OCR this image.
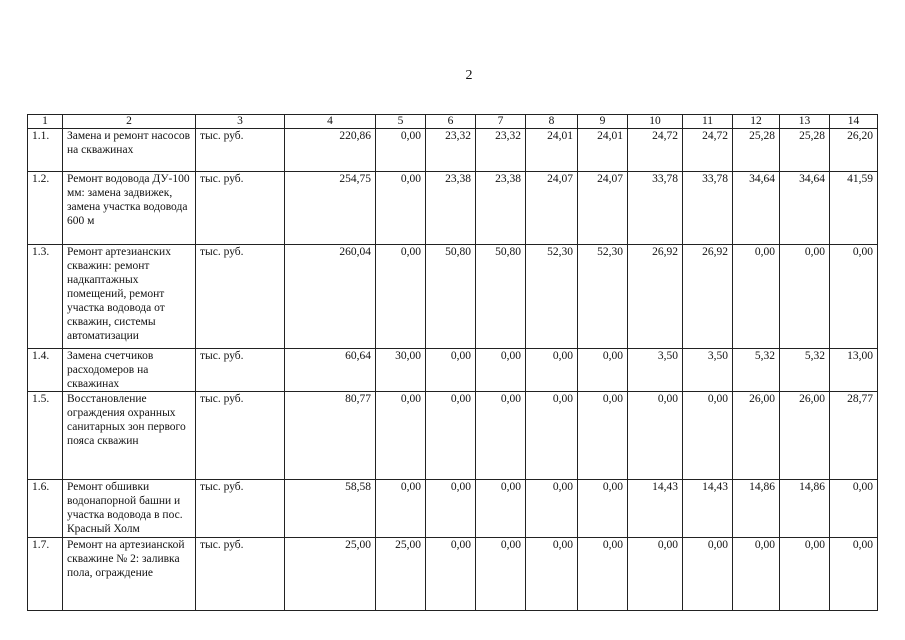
2
1	2	3	4	5	6	7	8	9	10	11	12	13	14
1.1.	Замена и ремонт насосов на скважинах	тыс. руб.	220,86	0,00	23,32	23,32	24,01	24,01	24,72	24,72	25,28	25,28	26,20
1.2.	Ремонт водовода ДУ-100 мм: замена задвижек, замена участка водовода 600 м	тыс. руб.	254,75	0,00	23,38	23,38	24,07	24,07	33,78	33,78	34,64	34,64	41,59
1.3.	Ремонт артезианских скважин: ремонт надкаптажных помещений, ремонт участка водовода от скважин, системы автоматизации	тыс. руб.	260,04	0,00	50,80	50,80	52,30	52,30	26,92	26,92	0,00	0,00	0,00
1.4.	Замена счетчиков расходомеров на скважинах	тыс. руб.	60,64	30,00	0,00	0,00	0,00	0,00	3,50	3,50	5,32	5,32	13,00
1.5.	Восстановление ограждения охранных санитарных зон первого пояса скважин	тыс. руб.	80,77	0,00	0,00	0,00	0,00	0,00	0,00	0,00	26,00	26,00	28,77
1.6.	Ремонт обшивки водонапорной башни и участка водовода в пос. Красный Холм	тыс. руб.	58,58	0,00	0,00	0,00	0,00	0,00	14,43	14,43	14,86	14,86	0,00
1.7.	Ремонт на артезианской скважине № 2: заливка пола, ограждение	тыс. руб.	25,00	25,00	0,00	0,00	0,00	0,00	0,00	0,00	0,00	0,00	0,00
